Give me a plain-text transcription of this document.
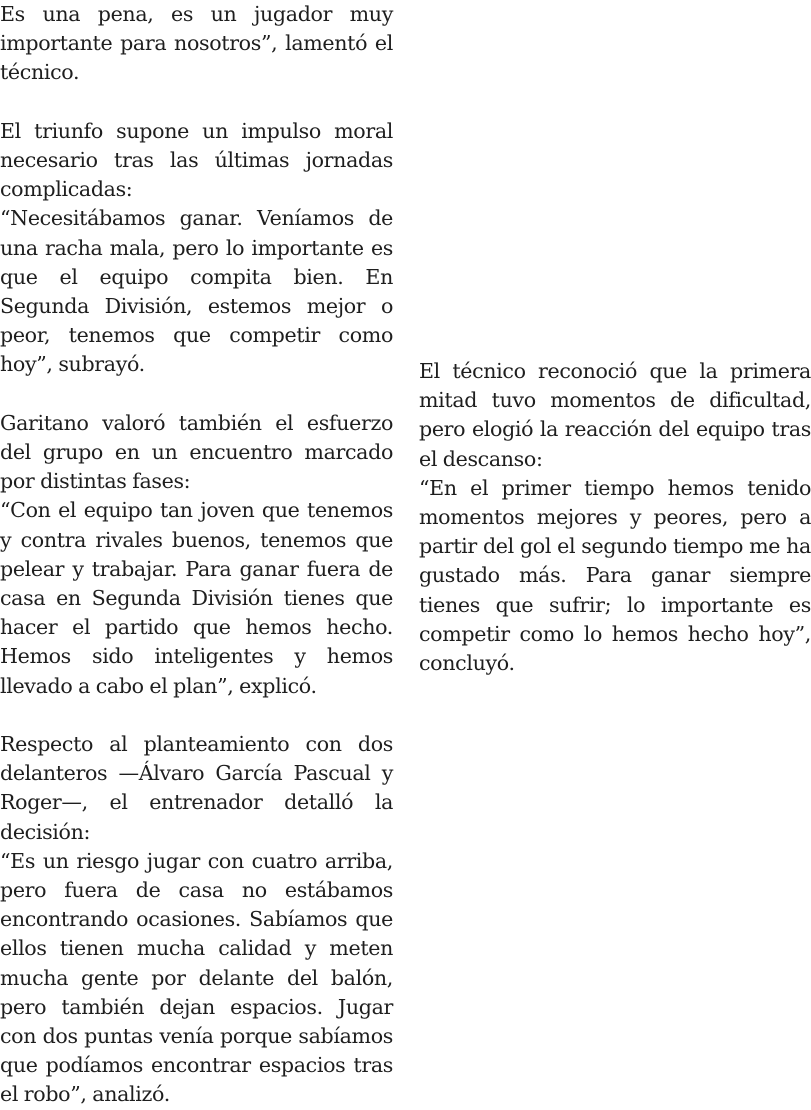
Es una pena, es un jugador muy importante para nosotros”, lamentó el técnico.

El triunfo supone un impulso moral necesario tras las últimas jornadas complicadas:
“Necesitábamos ganar. Veníamos de una racha mala, pero lo importante es que el equipo compita bien. En Segunda División, estemos mejor o peor, tenemos que competir como hoy”, subrayó.

Garitano valoró también el esfuerzo del grupo en un encuentro marcado por distintas fases:
“Con el equipo tan joven que tenemos y contra rivales buenos, tenemos que pelear y trabajar. Para ganar fuera de casa en Segunda División tienes que hacer el partido que hemos hecho. Hemos sido inteligentes y hemos llevado a cabo el plan”, explicó.

Respecto al planteamiento con dos delanteros —Álvaro García Pascual y Roger—, el entrenador detalló la decisión:
“Es un riesgo jugar con cuatro arriba, pero fuera de casa no estábamos encontrando ocasiones. Sabíamos que ellos tienen mucha calidad y meten mucha gente por delante del balón, pero también dejan espacios. Jugar con dos puntas venía porque sabíamos que podíamos encontrar espacios tras el robo”, analizó.

El técnico reconoció que la primera mitad tuvo momentos de dificultad, pero elogió la reacción del equipo tras el descanso:
“En el primer tiempo hemos tenido momentos mejores y peores, pero a partir del gol el segundo tiempo me ha gustado más. Para ganar siempre tienes que sufrir; lo importante es competir como lo hemos hecho hoy”, concluyó.
